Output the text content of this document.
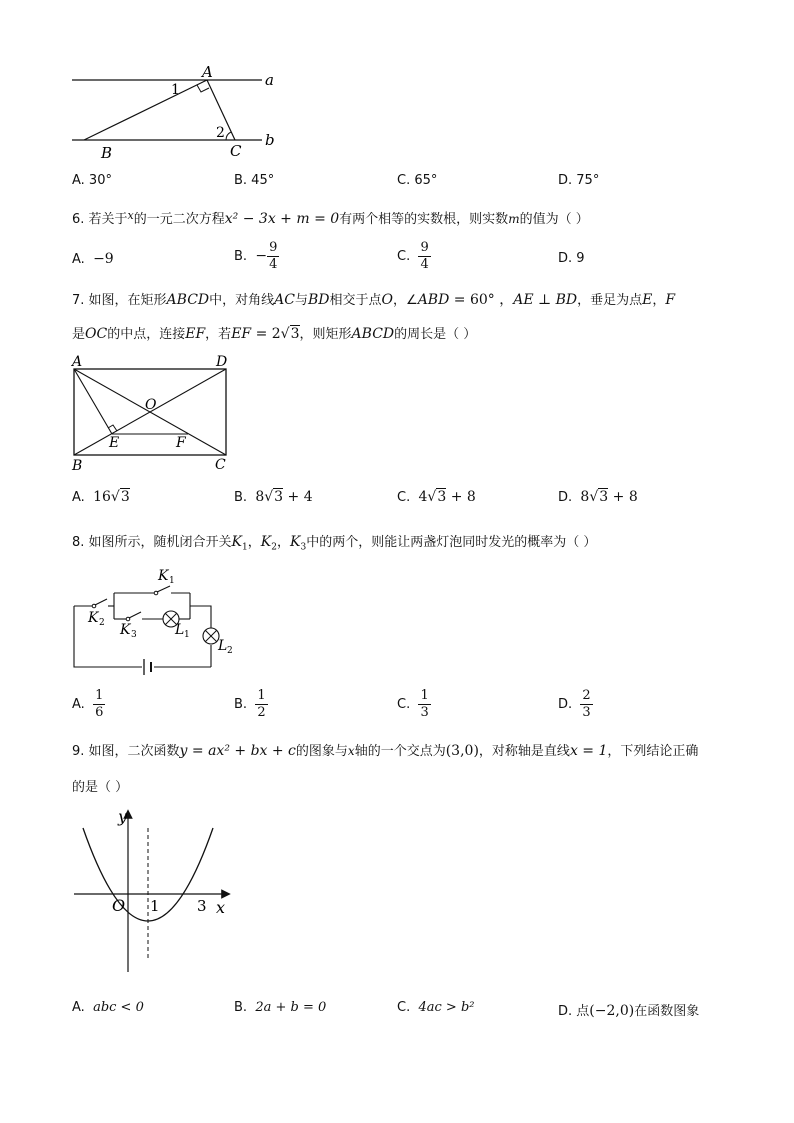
A	a
b
B	C
1
2
A. 30°	B. 45°	C. 65°	D. 75°
6. 若关于$^x$的一元二次方程x² − 3x + m = 0有两个相等的实数根，则实数m的值为（ ）
A. −9	B. − $\frac{9}{4}$	C. $\frac{9}{4}$	D. 9
7. 如图，在矩形ABCD中，对角线AC与BD相交于点O，∠ABD = 60° ，AE ⊥ BD，垂足为点E，F
是OC的中点，连接EF，若EF = 2√3，则矩形ABCD的周长是（ ）
A	D
O
E	F
B	C
A. 16√3	B. 8√3 + 4	C. 4√3 + 8	D. 8√3 + 8
8. 如图所示，随机闭合开关$K_1$，$K_2$，$K_3$中的两个，则能让两盏灯泡同时发光的概率为（ ）
K 1
K 2 K 3	L 1
L 2
A. $\frac{1}{6}$	B. $\frac{1}{2}$	C. $\frac{1}{3}$	D. $\frac{2}{3}$
9. 如图，二次函数y = ax² + bx + c的图象与x轴的一个交点为(3,0)，对称轴是直线x = 1，下列结论正确
的是（ ）
y
x
O 1 3
A. abc < 0	B. 2a + b = 0	C. 4ac > b²	D. 点(−2,0)在函数图象
